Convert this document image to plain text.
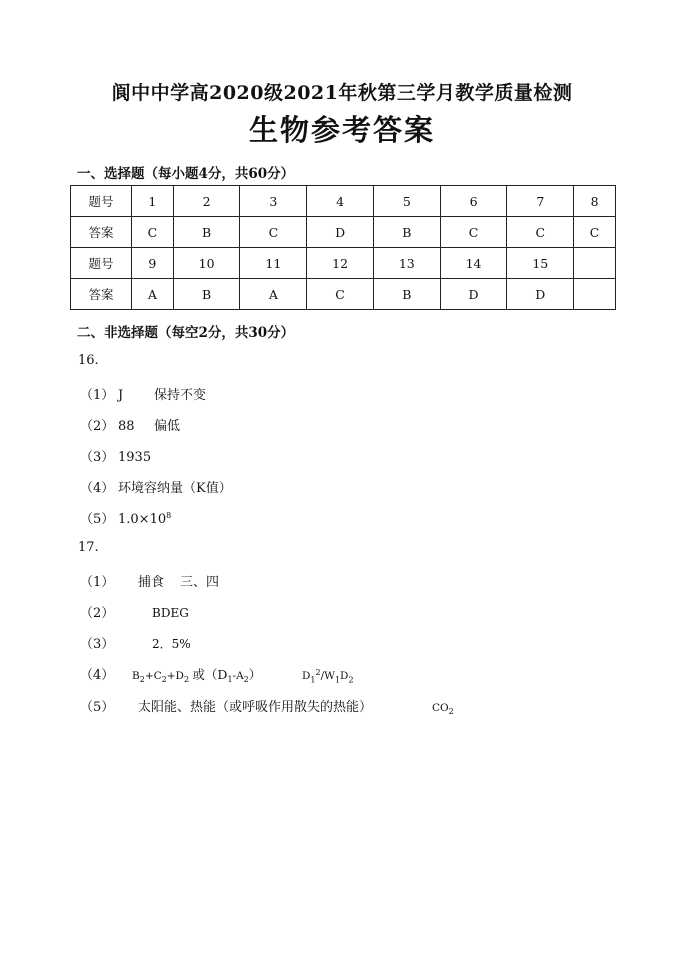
阆中中学高2020级2021年秋第三学月教学质量检测
生物参考答案
一、选择题（每小题4分，共60分）
题号	1	2	3	4	5	6	7	8
答案	C	B	C	D	B	C	C	C
题号	9	10	11	12	13	14	15	
答案	A	B	A	C	B	D	D	
二、非选择题（每空2分，共30分）
16.
（1） J 保持不变
（2） 88 偏低
（3） 1935
（4） 环境容纳量（K值）
（5） $1.0\times 10^8$
17.
（1） 捕食 三、四
（2）	BDEG
（3）	2．5%
（4） $B_2+C_2+D_2$ 或$(D_1-A_2)$	$D_1^2/W_1D_2$
（5） 太阳能、热能（或呼吸作用散失的热能）	$CO_2$
